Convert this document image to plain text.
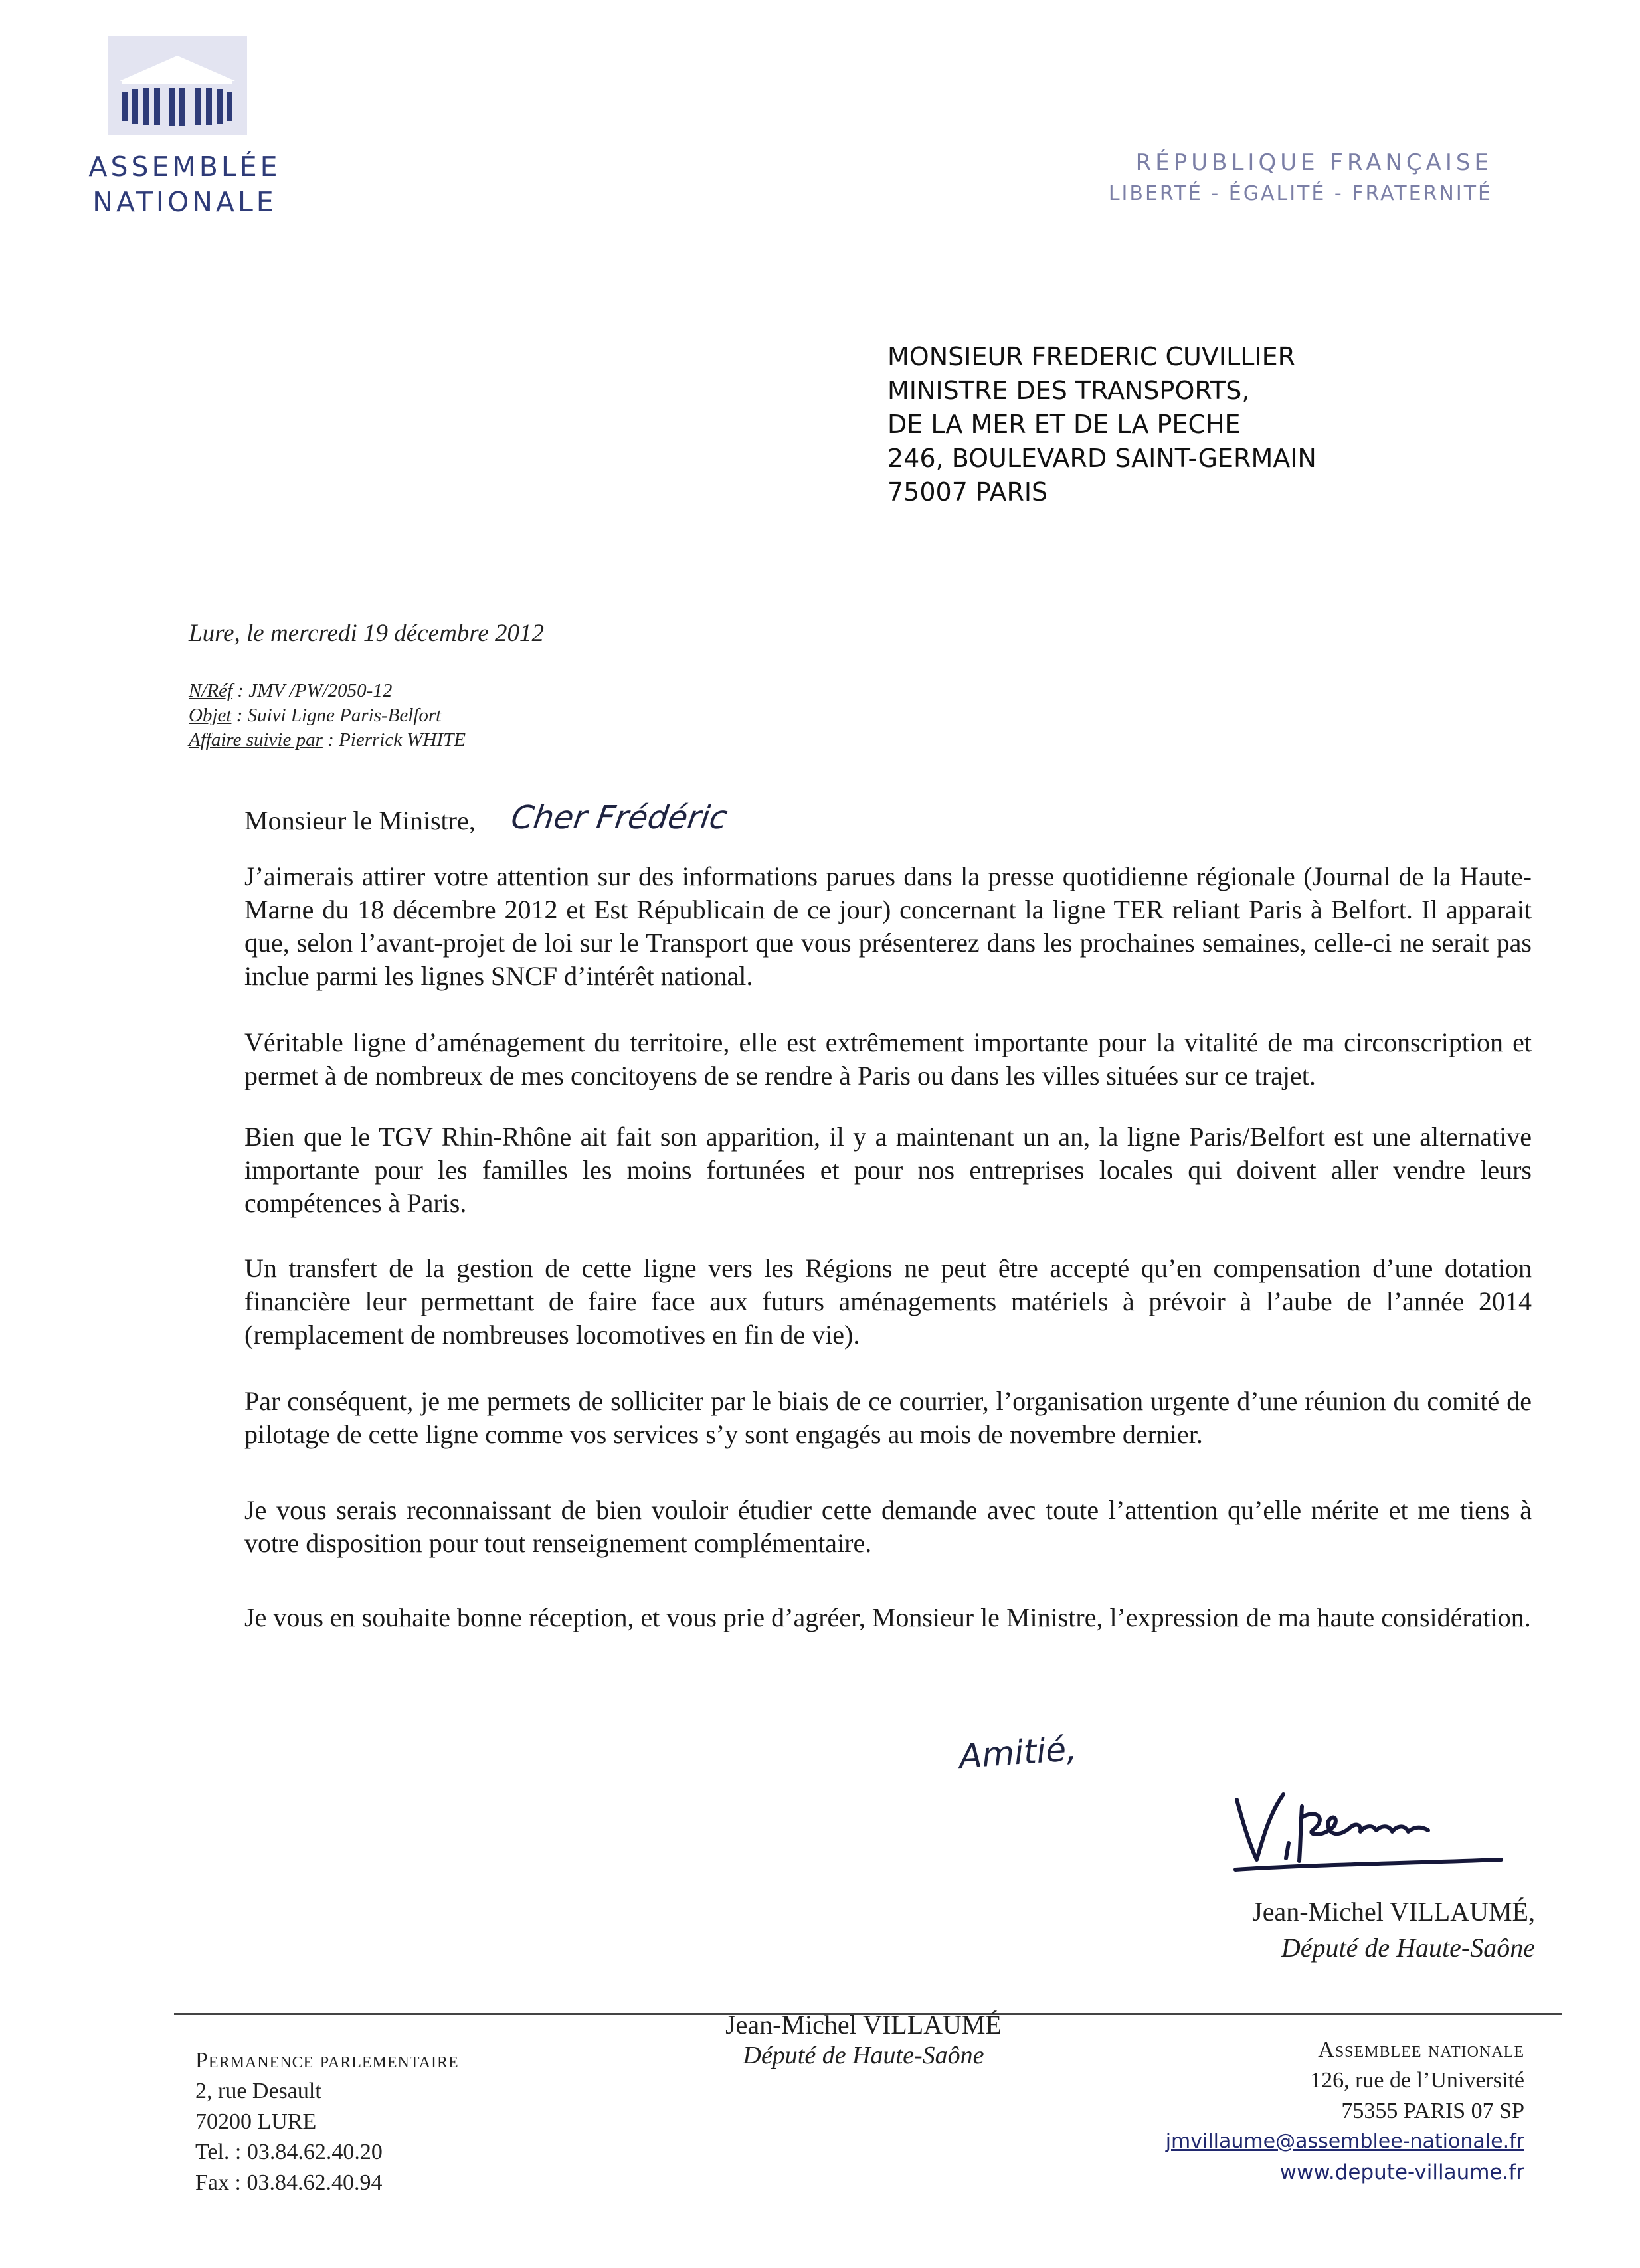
ASSEMBLÉE
NATIONALE
RÉPUBLIQUE FRANÇAISE
LIBERTÉ - ÉGALITÉ - FRATERNITÉ
MONSIEUR FREDERIC CUVILLIER
MINISTRE DES TRANSPORTS,
DE LA MER ET DE LA PECHE
246, BOULEVARD SAINT-GERMAIN
75007 PARIS
Lure, le mercredi 19 décembre 2012
N/Réf : JMV /PW/2050-12
Objet : Suivi Ligne Paris-Belfort
Affaire suivie par : Pierrick WHITE
Monsieur le Ministre, Cher Frédéric

J’aimerais attirer votre attention sur des informations parues dans la presse quotidienne régionale (Journal de la Haute-Marne du 18 décembre 2012 et Est Républicain de ce jour) concernant la ligne TER reliant Paris à Belfort. Il apparait que, selon l’avant-projet de loi sur le Transport que vous présenterez dans les prochaines semaines, celle-ci ne serait pas inclue parmi les lignes SNCF d’intérêt national.

Véritable ligne d’aménagement du territoire, elle est extrêmement importante pour la vitalité de ma circonscription et permet à de nombreux de mes concitoyens de se rendre à Paris ou dans les villes situées sur ce trajet.

Bien que le TGV Rhin-Rhône ait fait son apparition, il y a maintenant un an, la ligne Paris/Belfort est une alternative importante pour les familles les moins fortunées et pour nos entreprises locales qui doivent aller vendre leurs compétences à Paris.

Un transfert de la gestion de cette ligne vers les Régions ne peut être accepté qu’en compensation d’une dotation financière leur permettant de faire face aux futurs aménagements matériels à prévoir à l’aube de l’année 2014 (remplacement de nombreuses locomotives en fin de vie).

Par conséquent, je me permets de solliciter par le biais de ce courrier, l’organisation urgente d’une réunion du comité de pilotage de cette ligne comme vos services s’y sont engagés au mois de novembre dernier.

Je vous serais reconnaissant de bien vouloir étudier cette demande avec toute l’attention qu’elle mérite et me tiens à votre disposition pour tout renseignement complémentaire.

Je vous en souhaite bonne réception, et vous prie d’agréer, Monsieur le Ministre, l’expression de ma haute considération.

Amitié,
Jean-Michel VILLAUMÉ,
Député de Haute-Saône
Permanence parlementaire
2, rue Desault
70200 LURE
Tel. : 03.84.62.40.20
Fax : 03.84.62.40.94
Jean-Michel VILLAUMÉ
Député de Haute-Saône	Assemblee nationale
126, rue de l’Université
75355 PARIS 07 SP
jmvillaume@assemblee-nationale.fr
www.depute-villaume.fr
